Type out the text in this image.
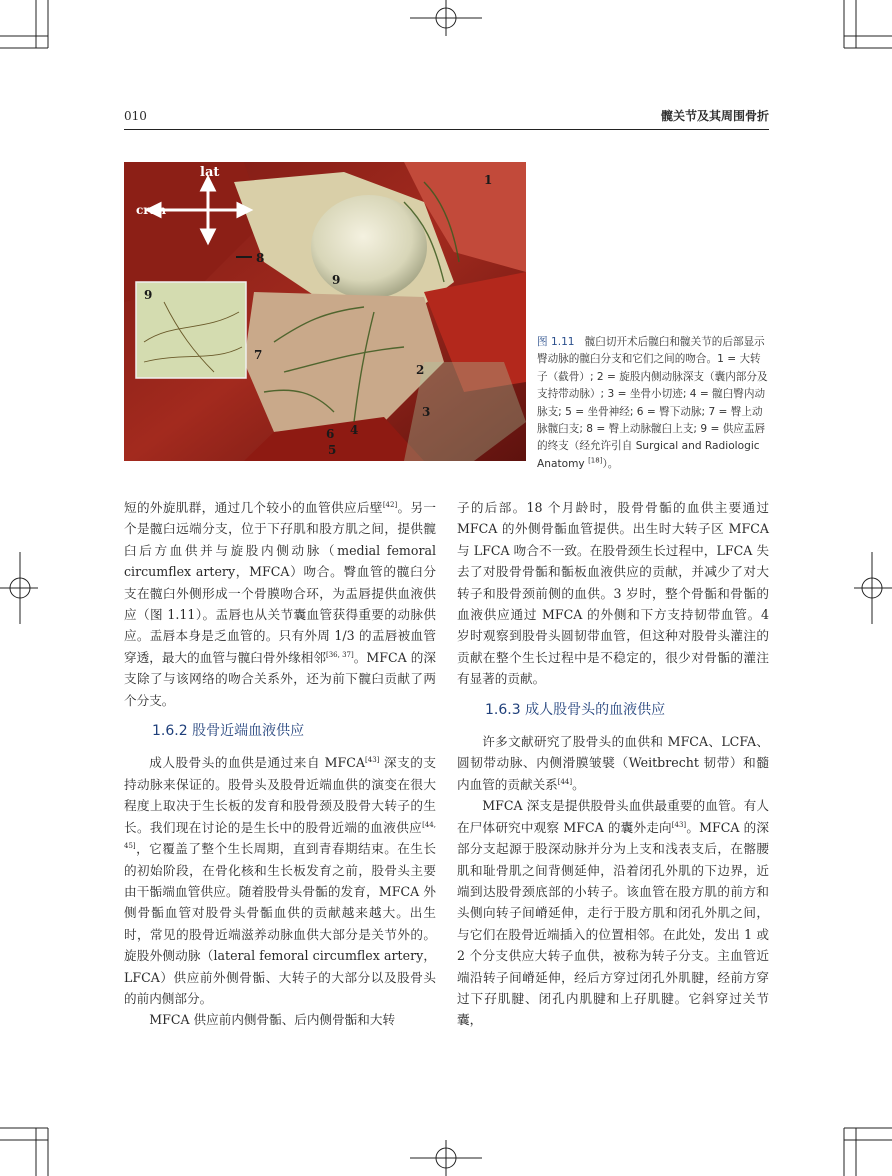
010	髋关节及其周围骨折
lat
cran
1
2
3
4
5
6
7
8
9
9
图 1.11 髋臼切开术后髋臼和髋关节的后部显示臀动脉的髋臼分支和它们之间的吻合。1 = 大转子（截骨）; 2 = 旋股内侧动脉深支（囊内部分及支持带动脉）; 3 = 坐骨小切迹; 4 = 髋臼臀内动脉支; 5 = 坐骨神经; 6 = 臀下动脉; 7 = 臀上动脉髋臼支; 8 = 臀上动脉髋臼上支; 9 = 供应盂唇的终支（经允许引自 Surgical and Radiologic Anatomy [18]）。

短的外旋肌群，通过几个较小的血管供应后壁[42]。另一个是髋臼远端分支，位于下孖肌和股方肌之间，提供髋臼后方血供并与旋股内侧动脉（medial femoral circumflex artery，MFCA）吻合。臀血管的髋臼分支在髋臼外侧形成一个骨膜吻合环，为盂唇提供血液供应（图 1.11）。盂唇也从关节囊血管获得重要的动脉供应。盂唇本身是乏血管的。只有外周 1/3 的盂唇被血管穿透，最大的血管与髋臼骨外缘相邻[36, 37]。MFCA 的深支除了与该网络的吻合关系外，还为前下髋臼贡献了两个分支。

1.6.2 股骨近端血液供应

成人股骨头的血供是通过来自 MFCA[43] 深支的支持动脉来保证的。股骨头及股骨近端血供的演变在很大程度上取决于生长板的发育和股骨颈及股骨大转子的生长。我们现在讨论的是生长中的股骨近端的血液供应[44, 45]，它覆盖了整个生长周期，直到青春期结束。在生长的初始阶段，在骨化核和生长板发育之前，股骨头主要由干骺端血管供应。随着股骨头骨骺的发育，MFCA 外侧骨骺血管对股骨头骨骺血供的贡献越来越大。出生时，常见的股骨近端滋养动脉血供大部分是关节外的。旋股外侧动脉（lateral femoral circumflex artery，LFCA）供应前外侧骨骺、大转子的大部分以及股骨头的前内侧部分。

MFCA 供应前内侧骨骺、后内侧骨骺和大转

子的后部。18 个月龄时，股骨骨骺的血供主要通过 MFCA 的外侧骨骺血管提供。出生时大转子区 MFCA 与 LFCA 吻合不一致。在股骨颈生长过程中，LFCA 失去了对股骨骨骺和骺板血液供应的贡献，并减少了对大转子和股骨颈前侧的血供。3 岁时，整个骨骺和骨骺的血液供应通过 MFCA 的外侧和下方支持韧带血管。4 岁时观察到股骨头圆韧带血管，但这种对股骨头灌注的贡献在整个生长过程中是不稳定的，很少对骨骺的灌注有显著的贡献。

1.6.3 成人股骨头的血液供应

许多文献研究了股骨头的血供和 MFCA、LCFA、圆韧带动脉、内侧滑膜皱襞（Weitbrecht 韧带）和髓内血管的贡献关系[44]。

MFCA 深支是提供股骨头血供最重要的血管。有人在尸体研究中观察 MFCA 的囊外走向[43]。MFCA 的深部分支起源于股深动脉并分为上支和浅表支后，在髂腰肌和耻骨肌之间背侧延伸，沿着闭孔外肌的下边界，近端到达股骨颈底部的小转子。该血管在股方肌的前方和头侧向转子间嵴延伸，走行于股方肌和闭孔外肌之间，与它们在股骨近端插入的位置相邻。在此处，发出 1 或 2 个分支供应大转子血供，被称为转子分支。主血管近端沿转子间嵴延伸，经后方穿过闭孔外肌腱，经前方穿过下孖肌腱、闭孔内肌腱和上孖肌腱。它斜穿过关节囊，
